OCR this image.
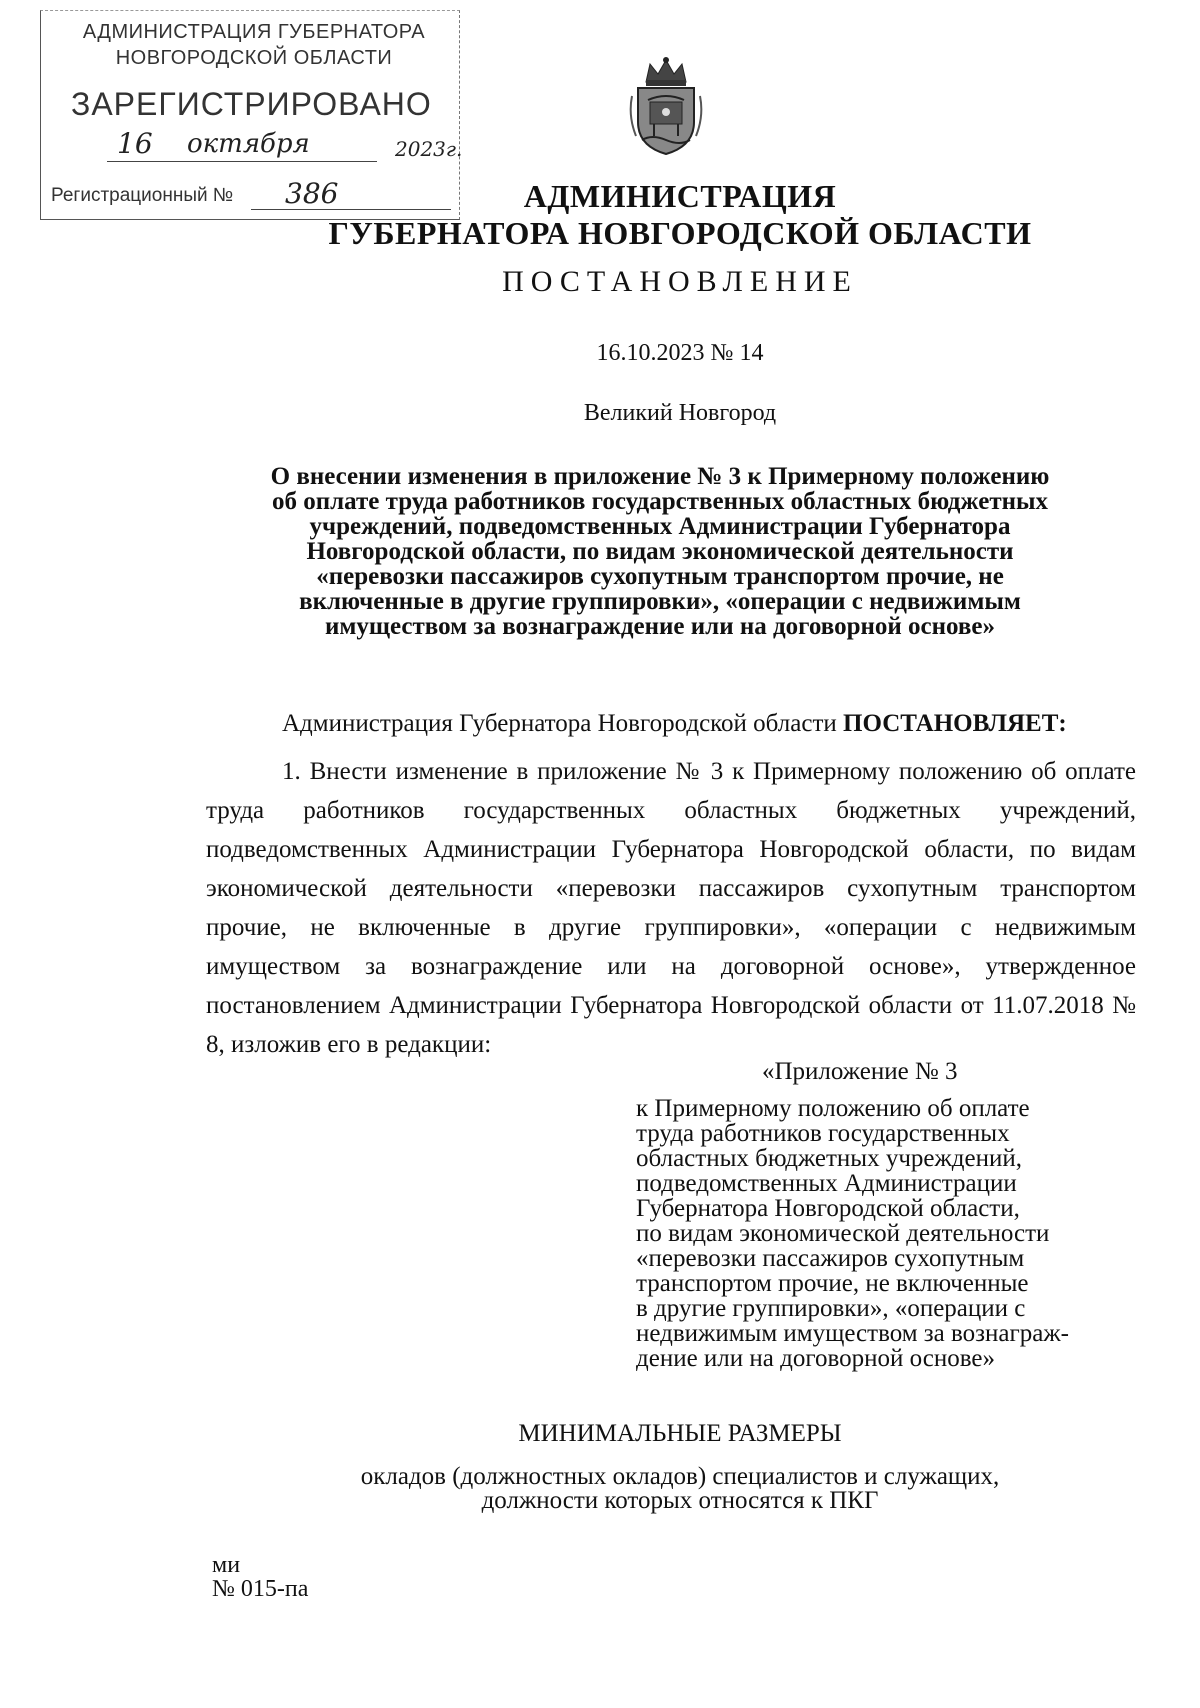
АДМИНИСТРАЦИЯ ГУБЕРНАТОРА
НОВГОРОДСКОЙ ОБЛАСТИ
ЗАРЕГИСТРИРОВАНО
16 октября	2023г.
Регистрационный № 386	АДМИНИСТРАЦИЯ
ГУБЕРНАТОРА НОВГОРОДСКОЙ ОБЛАСТИ
ПОСТАНОВЛЕНИЕ
16.10.2023 № 14
Великий Новгород
О внесении изменения в приложение № 3 к Примерному положению
об оплате труда работников государственных областных бюджетных
учреждений, подведомственных Администрации Губернатора
Новгородской области, по видам экономической деятельности
«перевозки пассажиров сухопутным транспортом прочие, не
включенные в другие группировки», «операции с недвижимым
имуществом за вознаграждение или на договорной основе»
Администрация Губернатора Новгородской области ПОСТАНОВЛЯЕТ:
1. Внести изменение в приложение № 3 к Примерному положению об оплате труда работников государственных областных бюджетных учреждений, подведомственных Администрации Губернатора Новгородской области, по видам экономической деятельности «перевозки пассажиров сухопутным транспортом прочие, не включенные в другие группировки», «операции с недвижимым имуществом за вознаграждение или на договорной основе», утвержденное постановлением Администрации Губернатора Новгородской области от 11.07.2018 № 8, изложив его в редакции:
«Приложение № 3
к Примерному положению об оплате
труда работников государственных
областных бюджетных учреждений,
подведомственных Администрации
Губернатора Новгородской области,
по видам экономической деятельности
«перевозки пассажиров сухопутным
транспортом прочие, не включенные
в другие группировки», «операции с
недвижимым имуществом за вознаграж-
дение или на договорной основе»
МИНИМАЛЬНЫЕ РАЗМЕРЫ
окладов (должностных окладов) специалистов и служащих,
должности которых относятся к ПКГ
ми
№ 015-па
